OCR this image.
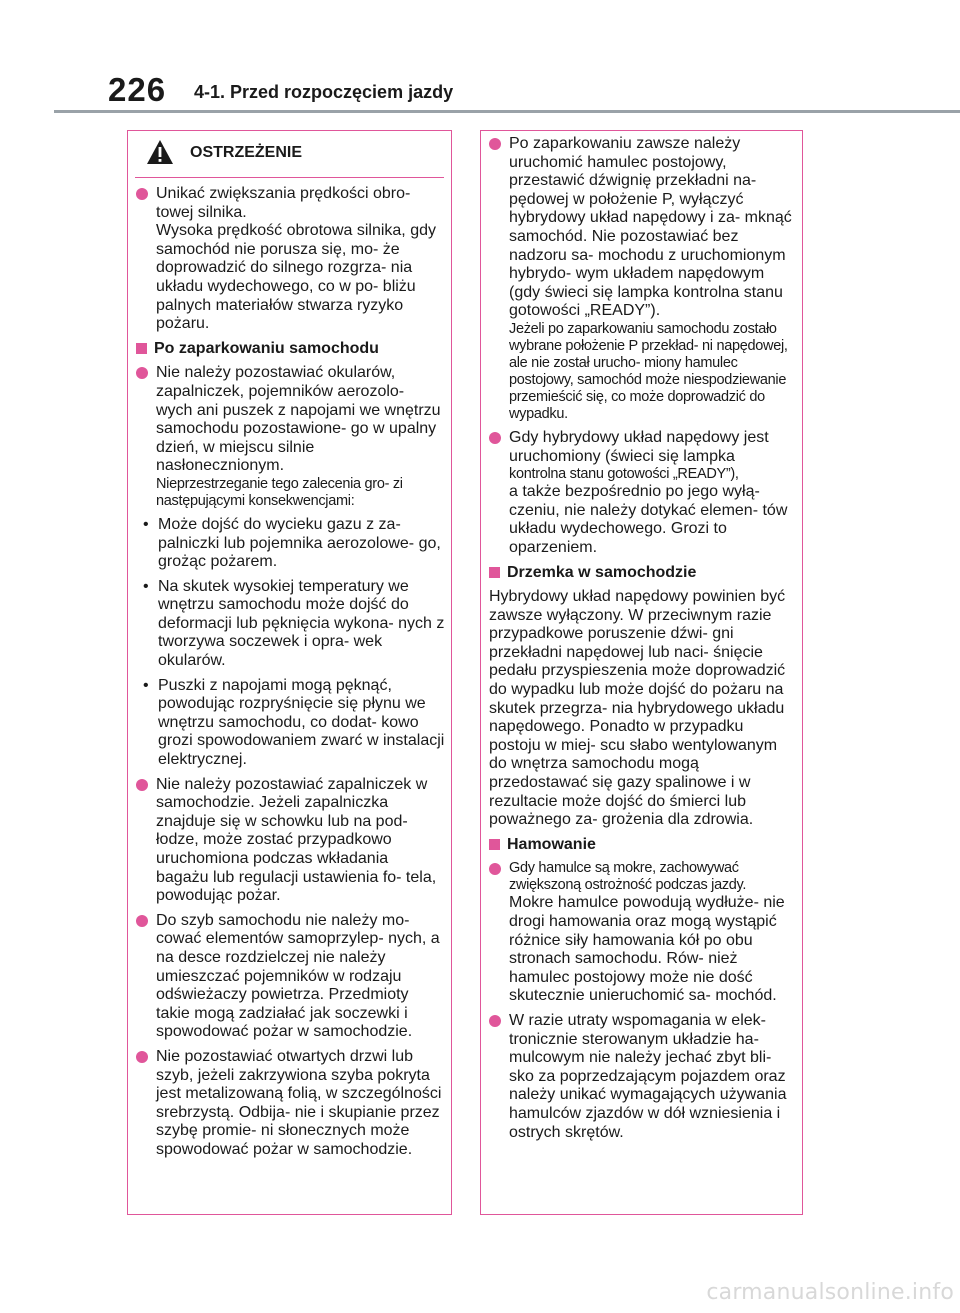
226 4-1. Przed rozpoczęciem jazdy
OSTRZEŻENIE
Unikać zwiększania prędkości obro- towej silnika.
Wysoka prędkość obrotowa silnika, gdy samochód nie porusza się, mo- że doprowadzić do silnego rozgrza- nia układu wydechowego, co w po- bliżu palnych materiałów stwarza ryzyko pożaru.
Po zaparkowaniu samochodu
Nie należy pozostawiać okularów, zapalniczek, pojemników aerozolo- wych ani puszek z napojami we wnętrzu samochodu pozostawione- go w upalny dzień, w miejscu silnie nasłonecznionym.
Nieprzestrzeganie tego zalecenia gro- zi następującymi konsekwencjami:
• Może dojść do wycieku gazu z za- palniczki lub pojemnika aerozolowe- go, grożąc pożarem.
• Na skutek wysokiej temperatury we wnętrzu samochodu może dojść do deformacji lub pęknięcia wykona- nych z tworzywa soczewek i opra- wek okularów.
• Puszki z napojami mogą pęknąć, powodując rozpryśnięcie się płynu we wnętrzu samochodu, co dodat- kowo grozi spowodowaniem zwarć w instalacji elektrycznej.
Nie należy pozostawiać zapalniczek w samochodzie. Jeżeli zapalniczka znajduje się w schowku lub na pod- łodze, może zostać przypadkowo uruchomiona podczas wkładania bagażu lub regulacji ustawienia fo- tela, powodując pożar.
Do szyb samochodu nie należy mo- cować elementów samoprzylep- nych, a na desce rozdzielczej nie należy umieszczać pojemników w rodzaju odświeżaczy powietrza. Przedmioty takie mogą zadziałać jak soczewki i spowodować pożar w samochodzie.
Nie pozostawiać otwartych drzwi lub szyb, jeżeli zakrzywiona szyba pokryta jest metalizowaną folią, w szczególności srebrzystą. Odbija- nie i skupianie przez szybę promie- ni słonecznych może spowodować pożar w samochodzie.
Po zaparkowaniu zawsze należy uruchomić hamulec postojowy, przestawić dźwignię przekładni na- pędowej w położenie P, wyłączyć hybrydowy układ napędowy i za- mknąć samochód. Nie pozostawiać bez nadzoru sa- mochodu z uruchomionym hybrydo- wym układem napędowym (gdy świeci się lampka kontrolna stanu gotowości „READY”).
Jeżeli po zaparkowaniu samochodu zostało wybrane położenie P przekład- ni napędowej, ale nie został urucho- miony hamulec postojowy, samochód może niespodziewanie przemieścić się, co może doprowadzić do wypadku.
Gdy hybrydowy układ napędowy jest uruchomiony (świeci się lampka
kontrolna stanu gotowości „READY”),
a także bezpośrednio po jego wyłą- czeniu, nie należy dotykać elemen- tów układu wydechowego. Grozi to oparzeniem.
Drzemka w samochodzie
Hybrydowy układ napędowy powinien być zawsze wyłączony. W przeciwnym razie przypadkowe poruszenie dźwi- gni przekładni napędowej lub naci- śnięcie pedału przyspieszenia może doprowadzić do wypadku lub może dojść do pożaru na skutek przegrza- nia hybrydowego układu napędowego. Ponadto w przypadku postoju w miej- scu słabo wentylowanym do wnętrza samochodu mogą przedostawać się gazy spalinowe i w rezultacie może dojść do śmierci lub poważnego za- grożenia dla zdrowia.
Hamowanie
Gdy hamulce są mokre, zachowywać zwiększoną ostrożność podczas jazdy.
Mokre hamulce powodują wydłuże- nie drogi hamowania oraz mogą wystąpić różnice siły hamowania kół po obu stronach samochodu. Rów- nież hamulec postojowy może nie dość skutecznie unieruchomić sa- mochód.
W razie utraty wspomagania w elek- tronicznie sterowanym układzie ha- mulcowym nie należy jechać zbyt bli- sko za poprzedzającym pojazdem oraz należy unikać wymagających używania hamulców zjazdów w dół wzniesienia i ostrych skrętów.
carmanualsonline.info
